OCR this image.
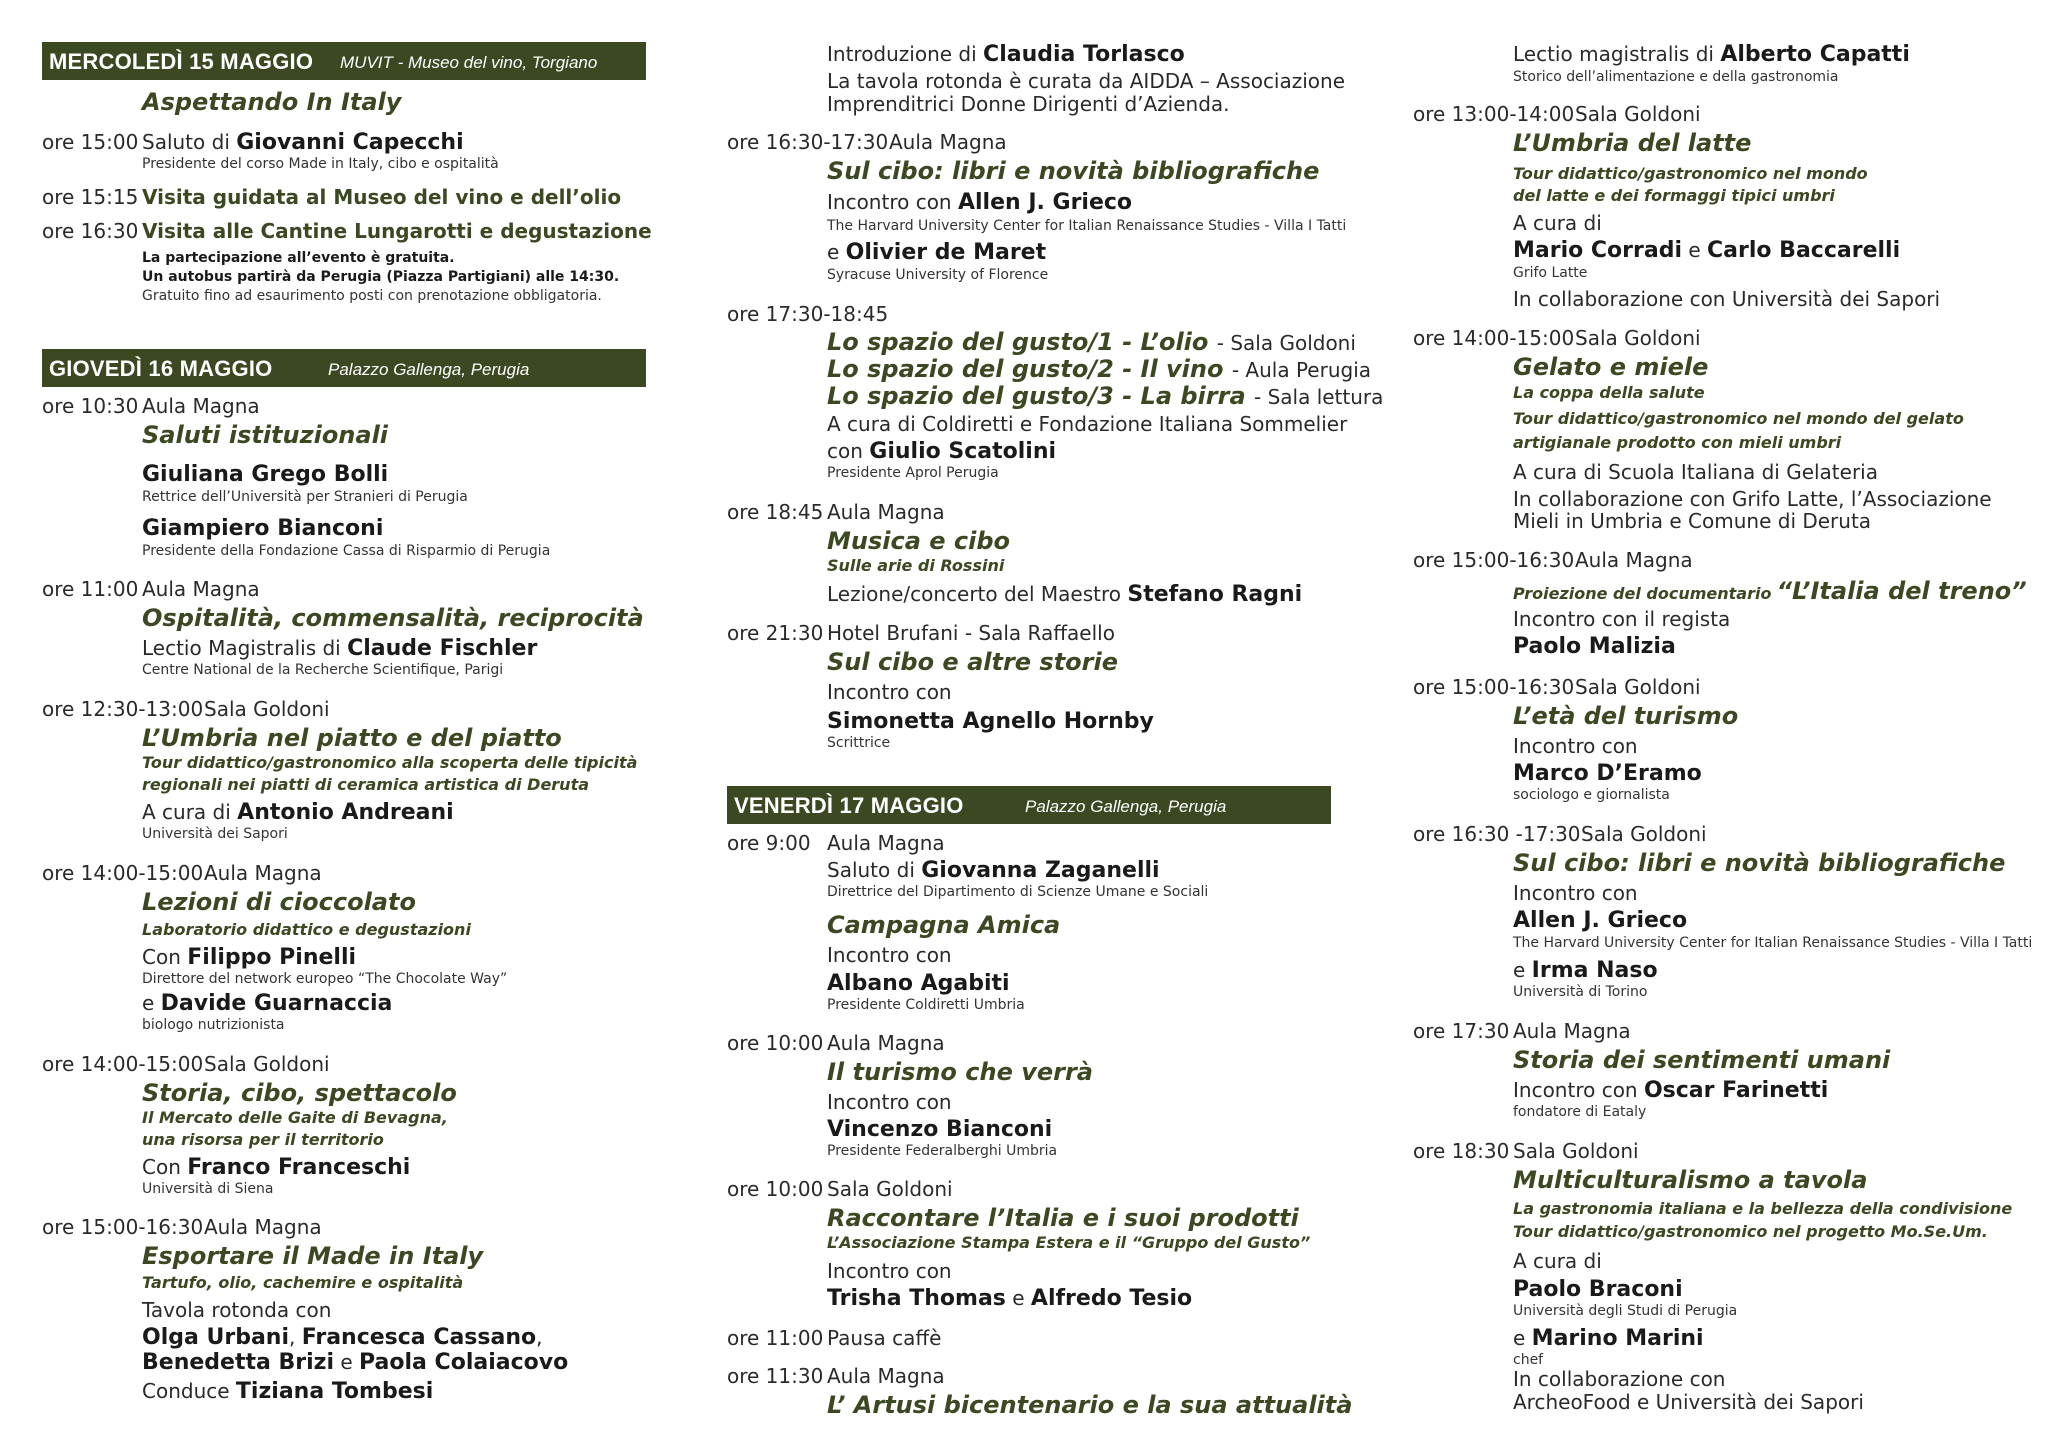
MERCOLEDÌ 15 MAGGIO MUVIT - Museo del vino, Torgiano
Aspettando In Italy
ore 15:00 Saluto di Giovanni Capecchi
Presidente del corso Made in Italy, cibo e ospitalità
ore 15:15 Visita guidata al Museo del vino e dell’olio
ore 16:30 Visita alle Cantine Lungarotti e degustazione
La partecipazione all’evento è gratuita.
Un autobus partirà da Perugia (Piazza Partigiani) alle 14:30.
Gratuito fino ad esaurimento posti con prenotazione obbligatoria.
GIOVEDÌ 16 MAGGIO	Palazzo Gallenga, Perugia
ore 10:30 Aula Magna
Saluti istituzionali
Giuliana Grego Bolli
Rettrice dell’Università per Stranieri di Perugia
Giampiero Bianconi
Presidente della Fondazione Cassa di Risparmio di Perugia
ore 11:00 Aula Magna
Ospitalità, commensalità, reciprocità
Lectio Magistralis di Claude Fischler
Centre National de la Recherche Scientifique, Parigi
ore 12:30-13:00 Sala Goldoni
L’Umbria nel piatto e del piatto
Tour didattico/gastronomico alla scoperta delle tipicità
regionali nei piatti di ceramica artistica di Deruta
A cura di Antonio Andreani
Università dei Sapori
ore 14:00-15:00 Aula Magna
Lezioni di cioccolato
Laboratorio didattico e degustazioni
Con Filippo Pinelli
Direttore del network europeo “The Chocolate Way”
e Davide Guarnaccia
biologo nutrizionista
ore 14:00-15:00 Sala Goldoni
Storia, cibo, spettacolo
Il Mercato delle Gaite di Bevagna,
una risorsa per il territorio
Con Franco Franceschi
Università di Siena
ore 15:00-16:30 Aula Magna
Esportare il Made in Italy
Tartufo, olio, cachemire e ospitalità
Tavola rotonda con
Olga Urbani, Francesca Cassano,
Benedetta Brizi e Paola Colaiacovo
Conduce Tiziana Tombesi
Introduzione di Claudia Torlasco
La tavola rotonda è curata da AIDDA – Associazione
Imprenditrici Donne Dirigenti d’Azienda.
ore 16:30-17:30 Aula Magna
Sul cibo: libri e novità bibliografiche
Incontro con Allen J. Grieco
The Harvard University Center for Italian Renaissance Studies - Villa I Tatti
e Olivier de Maret
Syracuse University of Florence
ore 17:30-18:45
Lo spazio del gusto/1 - L’olio - Sala Goldoni
Lo spazio del gusto/2 - Il vino - Aula Perugia
Lo spazio del gusto/3 - La birra - Sala lettura
A cura di Coldiretti e Fondazione Italiana Sommelier
con Giulio Scatolini
Presidente Aprol Perugia
ore 18:45 Aula Magna
Musica e cibo
Sulle arie di Rossini
Lezione/concerto del Maestro Stefano Ragni
ore 21:30 Hotel Brufani - Sala Raffaello
Sul cibo e altre storie
Incontro con
Simonetta Agnello Hornby
Scrittrice
VENERDÌ 17 MAGGIO	Palazzo Gallenga, Perugia
ore 9:00 Aula Magna
Saluto di Giovanna Zaganelli
Direttrice del Dipartimento di Scienze Umane e Sociali
Campagna Amica
Incontro con
Albano Agabiti
Presidente Coldiretti Umbria
ore 10:00 Aula Magna
Il turismo che verrà
Incontro con
Vincenzo Bianconi
Presidente Federalberghi Umbria
ore 10:00 Sala Goldoni
Raccontare l’Italia e i suoi prodotti
L’Associazione Stampa Estera e il “Gruppo del Gusto”
Incontro con
Trisha Thomas e Alfredo Tesio
ore 11:00 Pausa caffè
ore 11:30 Aula Magna
L’ Artusi bicentenario e la sua attualità
Lectio magistralis di Alberto Capatti
Storico dell’alimentazione e della gastronomia
ore 13:00-14:00 Sala Goldoni
L’Umbria del latte
Tour didattico/gastronomico nel mondo
del latte e dei formaggi tipici umbri
A cura di
Mario Corradi e Carlo Baccarelli
Grifo Latte
In collaborazione con Università dei Sapori
ore 14:00-15:00 Sala Goldoni
Gelato e miele
La coppa della salute
Tour didattico/gastronomico nel mondo del gelato
artigianale prodotto con mieli umbri
A cura di Scuola Italiana di Gelateria
In collaborazione con Grifo Latte, l’Associazione
Mieli in Umbria e Comune di Deruta
ore 15:00-16:30 Aula Magna
Proiezione del documentario “L’Italia del treno”
Incontro con il regista
Paolo Malizia
ore 15:00-16:30 Sala Goldoni
L’età del turismo
Incontro con
Marco D’Eramo
sociologo e giornalista
ore 16:30 -17:30 Sala Goldoni
Sul cibo: libri e novità bibliografiche
Incontro con
Allen J. Grieco
The Harvard University Center for Italian Renaissance Studies - Villa I Tatti
e Irma Naso
Università di Torino
ore 17:30 Aula Magna
Storia dei sentimenti umani
Incontro con Oscar Farinetti
fondatore di Eataly
ore 18:30 Sala Goldoni
Multiculturalismo a tavola
La gastronomia italiana e la bellezza della condivisione
Tour didattico/gastronomico nel progetto Mo.Se.Um.
A cura di
Paolo Braconi
Università degli Studi di Perugia
e Marino Marini
chef
In collaborazione con
ArcheoFood e Università dei Sapori
